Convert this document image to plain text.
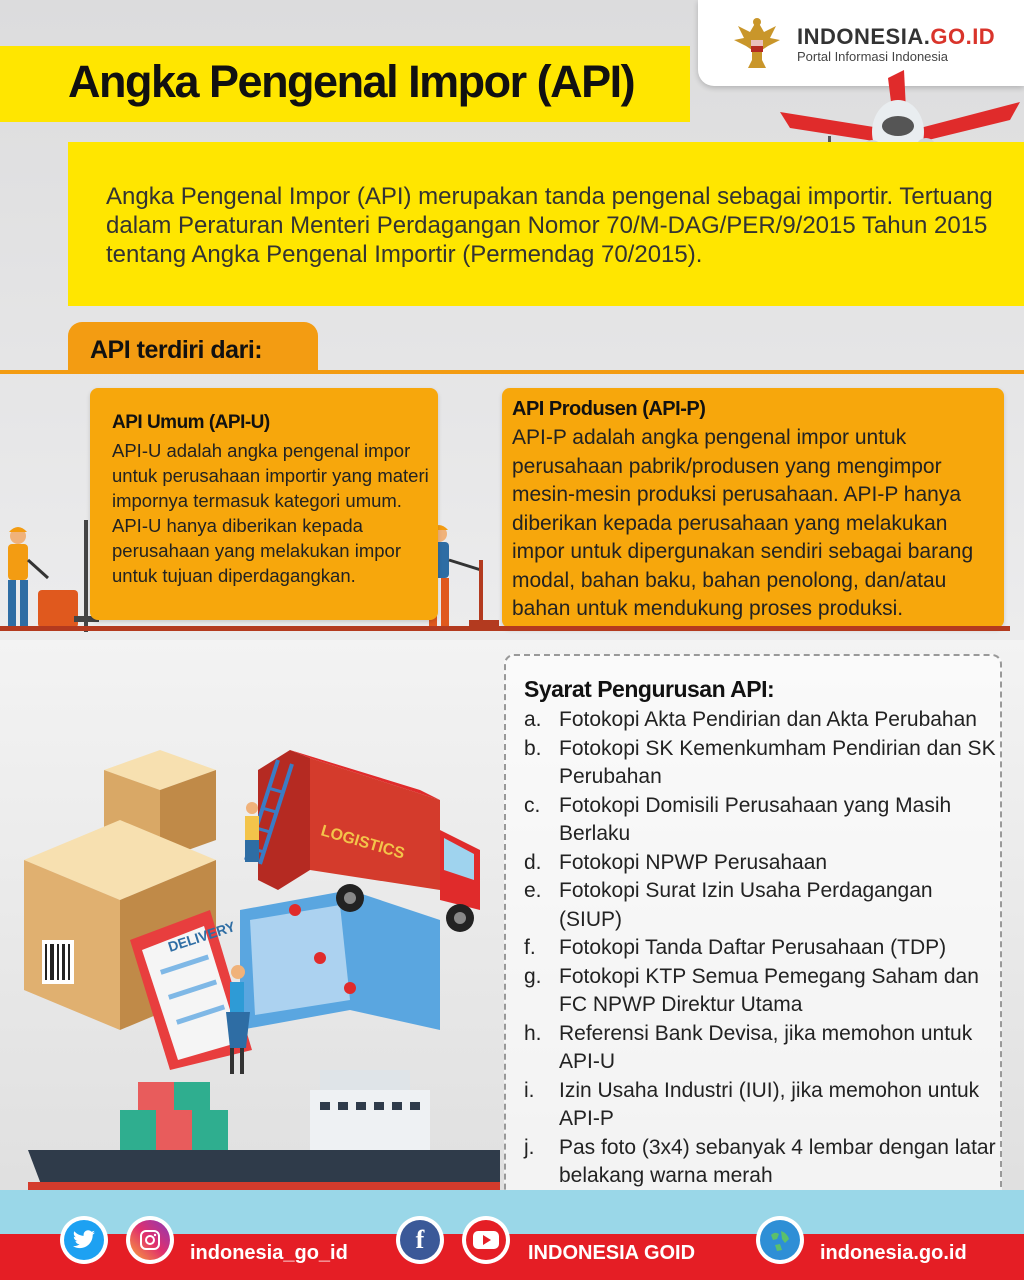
Angka Pengenal Impor (API)
INDONESIA.GO.ID
Portal Informasi Indonesia

Angka Pengenal Impor (API) merupakan tanda pengenal sebagai importir. Tertuang dalam Peraturan Menteri Perdagangan Nomor 70/M-DAG/PER/9/2015 Tahun 2015 tentang Angka Pengenal Importir (Permendag 70/2015).

API terdiri dari:
API Umum (API-U)

API-U adalah angka pengenal impor untuk perusahaan importir yang materi impornya termasuk kategori umum. API-U hanya diberikan kepada perusahaan yang melakukan impor untuk tujuan diperdagangkan.

API Produsen (API-P)

API-P adalah angka pengenal impor untuk perusahaan pabrik/produsen yang mengimpor mesin-mesin produksi perusahaan. API-P hanya diberikan kepada perusahaan yang melakukan impor untuk dipergunakan sendiri sebagai barang modal, bahan baku, bahan penolong, dan/atau bahan untuk mendukung proses produksi.

DELIVERY
LOGISTICS
Syarat Pengurusan API:
a. Fotokopi Akta Pendirian dan Akta Perubahan
b. Fotokopi SK Kemenkumham Pendirian dan SK Perubahan
c. Fotokopi Domisili Perusahaan yang Masih Berlaku
d. Fotokopi NPWP Perusahaan
e. Fotokopi Surat Izin Usaha Perdagangan (SIUP)
f. Fotokopi Tanda Daftar Perusahaan (TDP)
g. Fotokopi KTP Semua Pemegang Saham dan FC NPWP Direktur Utama
h. Referensi Bank Devisa, jika memohon untuk API-U
i. Izin Usaha Industri (IUI), jika memohon untuk API-P
j. Pas foto (3x4) sebanyak 4 lembar dengan latar belakang warna merah
indonesia_go_id	f	INDONESIA GOID	indonesia.go.id
